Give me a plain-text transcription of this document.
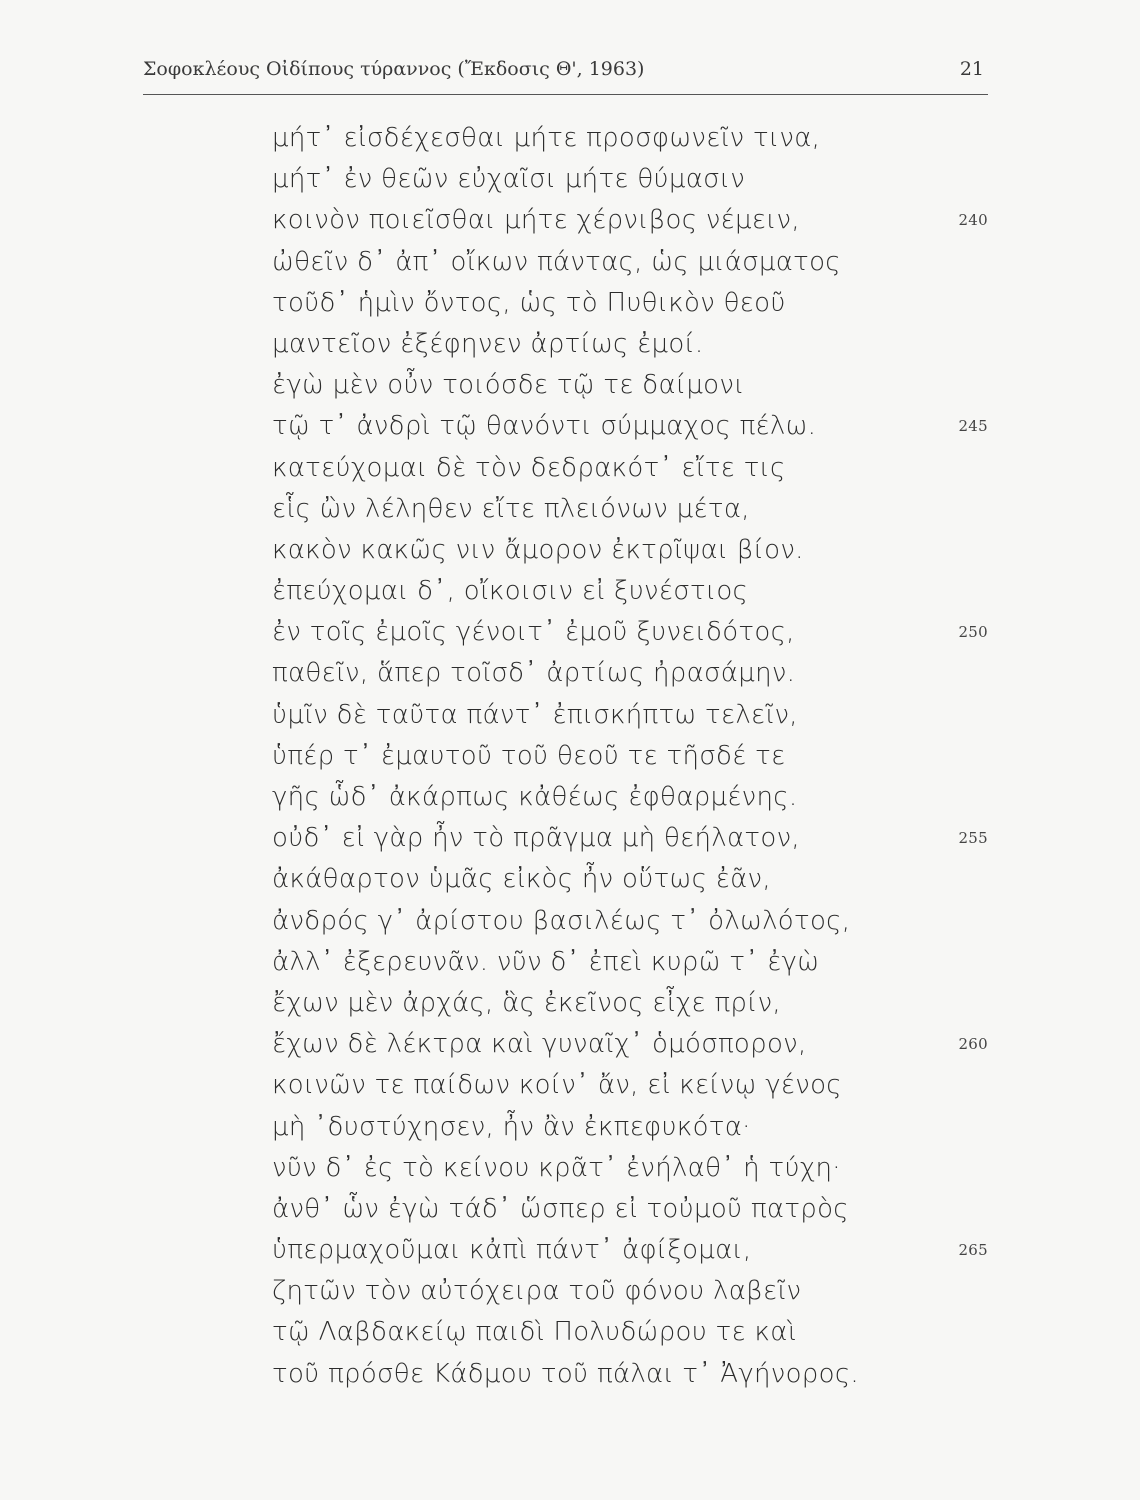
Σοφοκλέους Οἰδίπους τύραννος (Ἔκδοσις Θ', 1963)	21
μήτ᾽ εἰσδέχεσθαι μήτε προσφωνεῖν τινα,
μήτ᾽ ἐν θεῶν εὐχαῖσι μήτε θύμασιν
κοινὸν ποιεῖσθαι μήτε χέρνιβος νέμειν,	240
ὠθεῖν δ᾽ ἀπ᾽ οἴκων πάντας, ὡς μιάσματος
τοῦδ᾽ ἡμὶν ὄντος, ὡς τὸ Πυθικὸν θεοῦ
μαντεῖον ἐξέφηνεν ἀρτίως ἐμοί.
ἐγὼ μὲν οὖν τοιόσδε τῷ τε δαίμονι
τῷ τ᾽ ἀνδρὶ τῷ θανόντι σύμμαχος πέλω.	245
κατεύχομαι δὲ τὸν δεδρακότ᾽ εἴτε τις
εἷς ὢν λέληθεν εἴτε πλειόνων μέτα,
κακὸν κακῶς νιν ἄμορον ἐκτρῖψαι βίον.
ἐπεύχομαι δ᾽, οἴκοισιν εἰ ξυνέστιος
ἐν τοῖς ἐμοῖς γένοιτ᾽ ἐμοῦ ξυνειδότος,	250
παθεῖν, ἅπερ τοῖσδ᾽ ἀρτίως ἠρασάμην.
ὑμῖν δὲ ταῦτα πάντ᾽ ἐπισκήπτω τελεῖν,
ὑπέρ τ᾽ ἐμαυτοῦ τοῦ θεοῦ τε τῆσδέ τε
γῆς ὧδ᾽ ἀκάρπως κἀθέως ἐφθαρμένης.
οὐδ᾽ εἰ γὰρ ἦν τὸ πρᾶγμα μὴ θεήλατον,	255
ἀκάθαρτον ὑμᾶς εἰκὸς ἦν οὕτως ἐᾶν,
ἀνδρός γ᾽ ἀρίστου βασιλέως τ᾽ ὀλωλότος,
ἀλλ᾽ ἐξερευνᾶν. νῦν δ᾽ ἐπεὶ κυρῶ τ᾽ ἐγὼ
ἔχων μὲν ἀρχάς, ἃς ἐκεῖνος εἶχε πρίν,
ἔχων δὲ λέκτρα καὶ γυναῖχ᾽ ὁμόσπορον,	260
κοινῶν τε παίδων κοίν᾽ ἄν, εἰ κείνῳ γένος
μὴ ᾽δυστύχησεν, ἦν ἂν ἐκπεφυκότα·
νῦν δ᾽ ἐς τὸ κείνου κρᾶτ᾽ ἐνήλαθ᾽ ἡ τύχη·
ἀνθ᾽ ὧν ἐγὼ τάδ᾽ ὥσπερ εἰ τοὐμοῦ πατρὸς
ὑπερμαχοῦμαι κἀπὶ πάντ᾽ ἀφίξομαι,	265
ζητῶν τὸν αὐτόχειρα τοῦ φόνου λαβεῖν
τῷ Λαβδακείῳ παιδὶ Πολυδώρου τε καὶ
τοῦ πρόσθε Κάδμου τοῦ πάλαι τ᾽ Ἀγήνορος.
